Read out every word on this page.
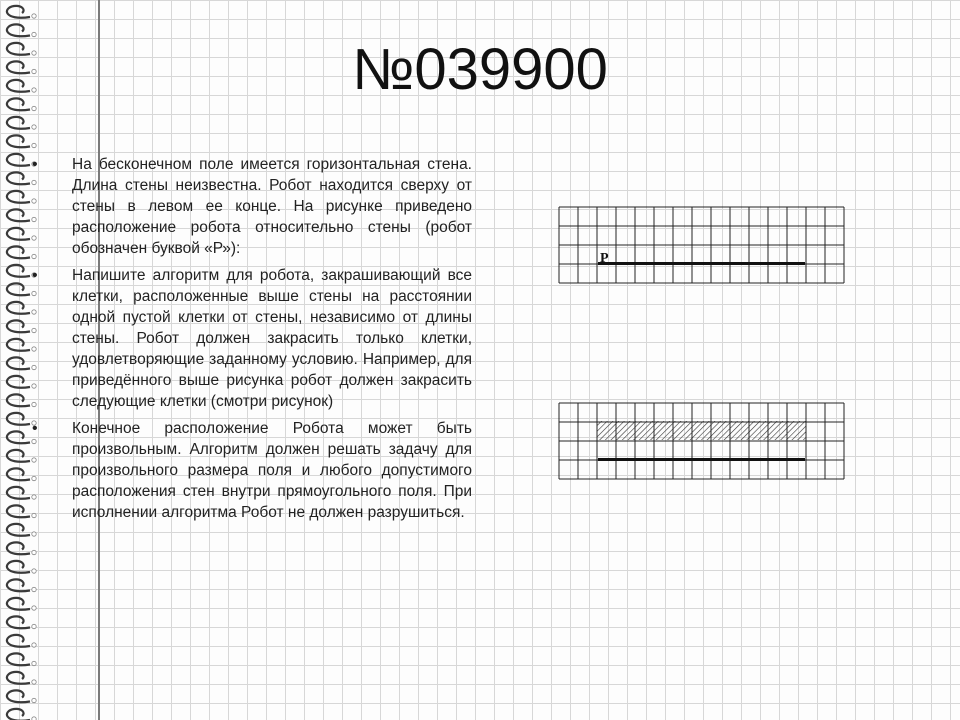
№039900
• На бесконечном поле имеется горизонтальная стена. Длина стены неизвестна. Робот находится сверху от стены в левом ее конце. На рисунке приведено расположение робота относительно стены (робот обозначен буквой «Р»):
• Напишите алгоритм для робота, закрашивающий все клетки, расположенные выше стены на расстоянии одной пустой клетки от стены, независимо от длины стены. Робот должен закрасить только клетки, удовлетворяющие заданному условию. Например, для приведённого выше рисунка робот должен закрасить следующие клетки (смотри рисунок)
• Конечное расположение Робота может быть произвольным. Алгоритм должен решать задачу для произвольного размера поля и любого допустимого расположения стен внутри прямоугольного поля. При исполнении алгоритма Робот не должен разрушиться.
Р
